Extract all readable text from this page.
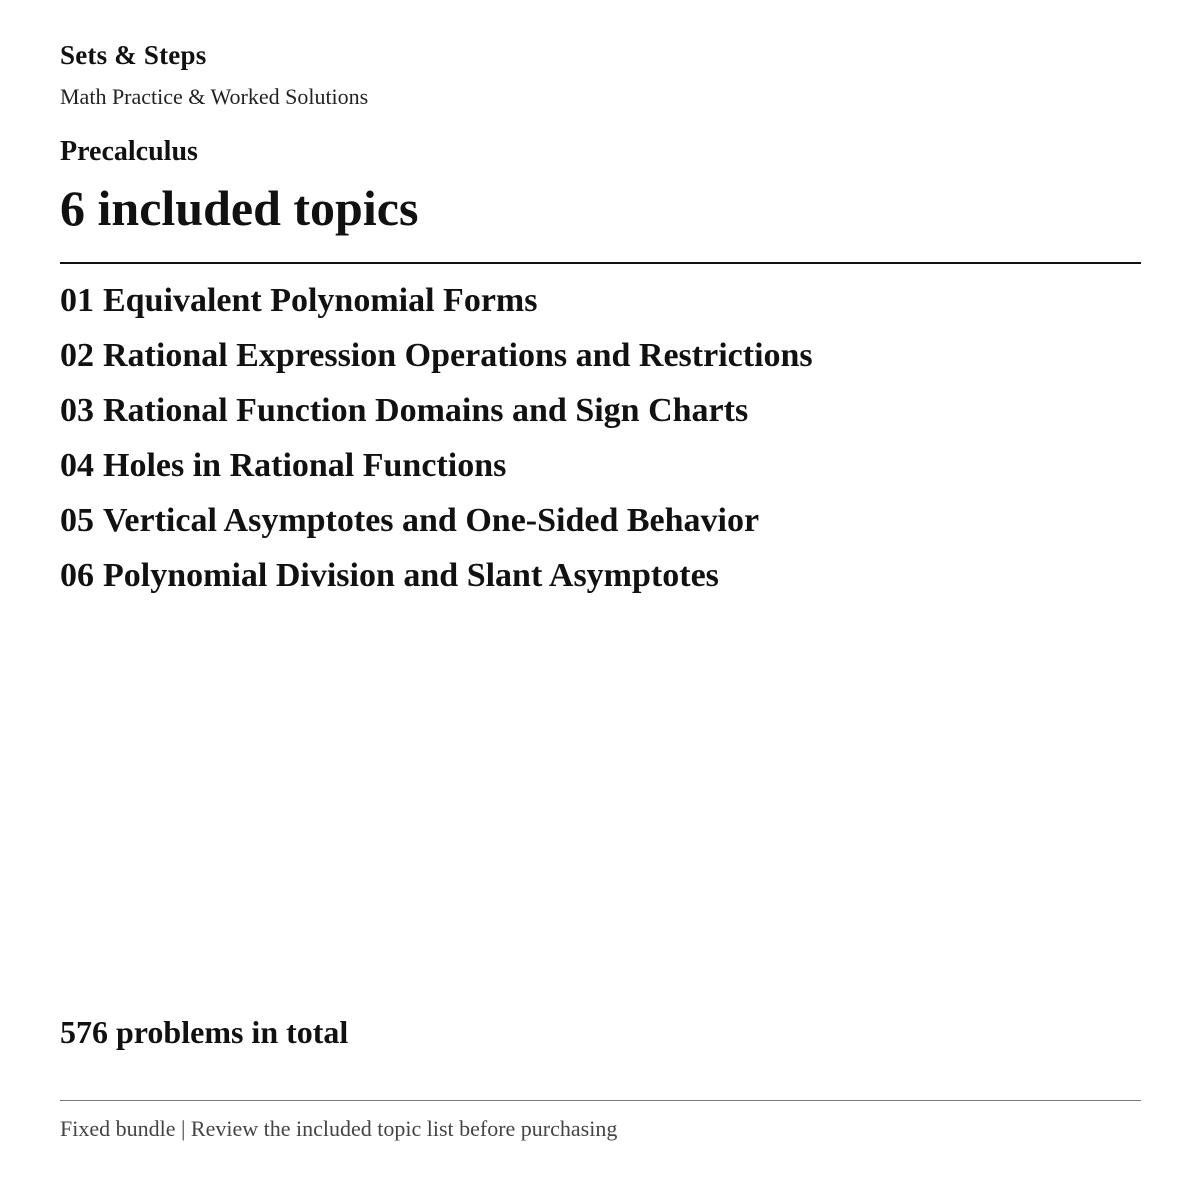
Sets & Steps
Math Practice & Worked Solutions
Precalculus
6 included topics
01 Equivalent Polynomial Forms
02 Rational Expression Operations and Restrictions
03 Rational Function Domains and Sign Charts
04 Holes in Rational Functions
05 Vertical Asymptotes and One-Sided Behavior
06 Polynomial Division and Slant Asymptotes
576 problems in total
Fixed bundle | Review the included topic list before purchasing
